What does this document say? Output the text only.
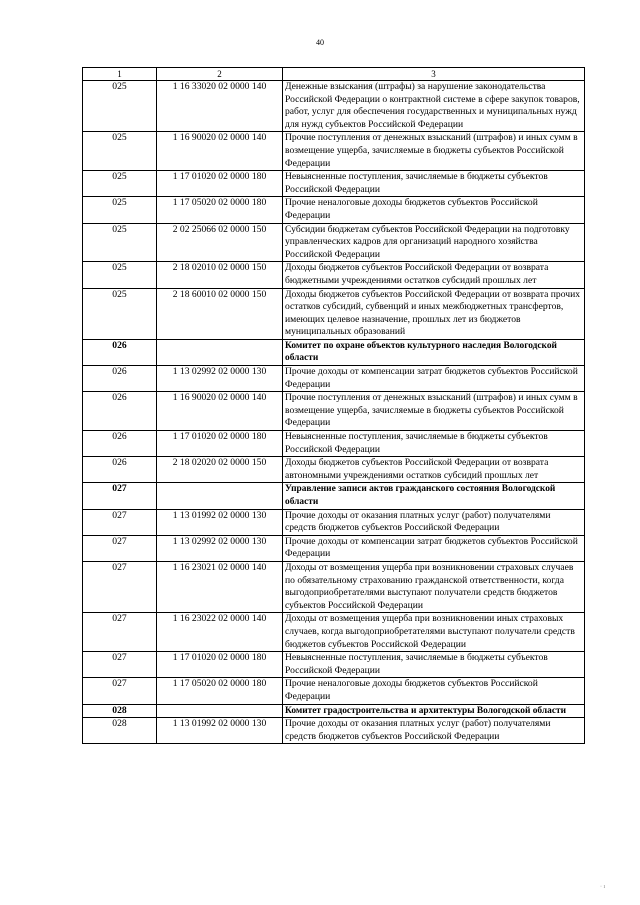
40
1	2	3
025	1 16 33020 02 0000 140	Денежные взыскания (штрафы) за нарушение законодательства Российской Федерации о контрактной системе в сфере закупок товаров, работ, услуг для обеспечения государственных и муниципальных нужд для нужд субъектов Российской Федерации
025	1 16 90020 02 0000 140	Прочие поступления от денежных взысканий (штрафов) и иных сумм в возмещение ущерба, зачисляемые в бюджеты субъектов Российской Федерации
025	1 17 01020 02 0000 180	Невыясненные поступления, зачисляемые в бюджеты субъектов Российской Федерации
025	1 17 05020 02 0000 180	Прочие неналоговые доходы бюджетов субъектов Российской Федерации
025	2 02 25066 02 0000 150	Субсидии бюджетам субъектов Российской Федерации на подготовку управленческих кадров для организаций народного хозяйства Российской Федерации
025	2 18 02010 02 0000 150	Доходы бюджетов субъектов Российской Федерации от возврата бюджетными учреждениями остатков субсидий прошлых лет
025	2 18 60010 02 0000 150	Доходы бюджетов субъектов Российской Федерации от возврата прочих остатков субсидий, субвенций и иных межбюджетных трансфертов, имеющих целевое назначение, прошлых лет из бюджетов муниципальных образований
026		Комитет по охране объектов культурного наследия Вологодской области
026	1 13 02992 02 0000 130	Прочие доходы от компенсации затрат бюджетов субъектов Российской Федерации
026	1 16 90020 02 0000 140	Прочие поступления от денежных взысканий (штрафов) и иных сумм в возмещение ущерба, зачисляемые в бюджеты субъектов Российской Федерации
026	1 17 01020 02 0000 180	Невыясненные поступления, зачисляемые в бюджеты субъектов Российской Федерации
026	2 18 02020 02 0000 150	Доходы бюджетов субъектов Российской Федерации от возврата автономными учреждениями остатков субсидий прошлых лет
027		Управление записи актов гражданского состояния Вологодской области
027	1 13 01992 02 0000 130	Прочие доходы от оказания платных услуг (работ) получателями средств бюджетов субъектов Российской Федерации
027	1 13 02992 02 0000 130	Прочие доходы от компенсации затрат бюджетов субъектов Российской Федерации
027	1 16 23021 02 0000 140	Доходы от возмещения ущерба при возникновении страховых случаев по обязательному страхованию гражданской ответственности, когда выгодоприобретателями выступают получатели средств бюджетов субъектов Российской Федерации
027	1 16 23022 02 0000 140	Доходы от возмещения ущерба при возникновении иных страховых случаев, когда выгодоприобретателями выступают получатели средств бюджетов субъектов Российской Федерации
027	1 17 01020 02 0000 180	Невыясненные поступления, зачисляемые в бюджеты субъектов Российской Федерации
027	1 17 05020 02 0000 180	Прочие неналоговые доходы бюджетов субъектов Российской Федерации
028		Комитет градостроительства и архитектуры Вологодской области
028	1 13 01992 02 0000 130	Прочие доходы от оказания платных услуг (работ) получателями средств бюджетов субъектов Российской Федерации
· ı
